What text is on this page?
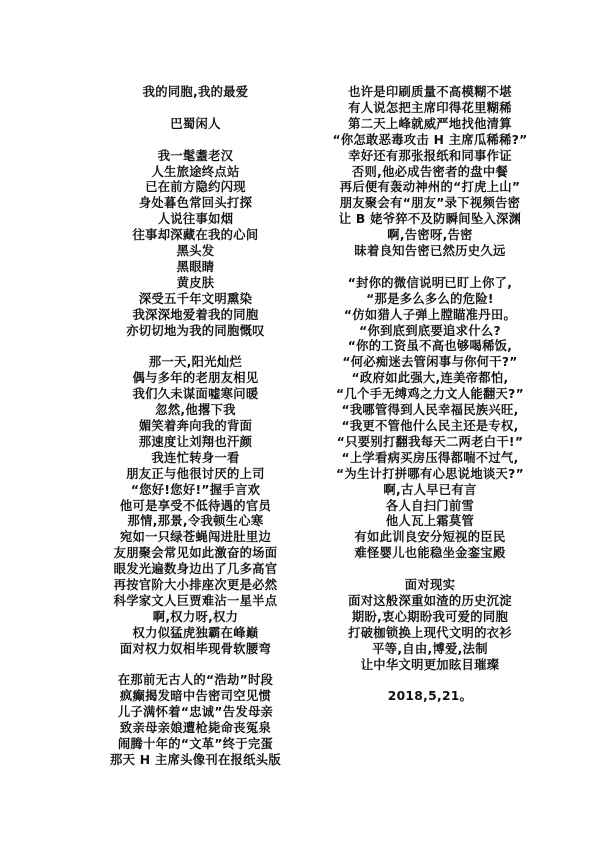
我的同胞,我的最爱

巴蜀闲人

我一髦耋老汉

人生旅途终点站

已在前方隐约闪现

身处暮色常回头打探

人说往事如烟

往事却深藏在我的心间

黑头发

黑眼睛

黄皮肤

深受五千年文明熏染

我深深地爱着我的同胞

亦切切地为我的同胞慨叹

那一天,阳光灿烂

偶与多年的老朋友相见

我们久未谋面嘘寒问暖

忽然,他撂下我

媚笑着奔向我的背面

那速度让刘翔也汗颜

我连忙转身一看

朋友正与他很讨厌的上司

“您好!您好!”握手言欢

他可是享受不低待遇的官员

那情,那景,令我顿生心寒

宛如一只绿苍蝇闯进肚里边

友朋聚会常见如此激奋的场面

眼发光遍数身边出了几多高官

再按官阶大小排座次更是必然

科学家文人巨贾难沾一星半点

啊,权力呀,权力

权力似猛虎独霸在峰巅

面对权力奴相毕现骨软腰弯

在那前无古人的“浩劫”时段

疯癫揭发暗中告密司空见惯

儿子满怀着“忠诚”告发母亲

致亲母亲娘遭枪毙命丧冤泉

闹腾十年的“文革”终于完蛋

那天 H 主席头像刊在报纸头版

也许是印刷质量不高模糊不堪

有人说怎把主席印得花里糊稀

第二天上峰就威严地找他清算

“你怎敢恶毒攻击 H 主席瓜稀稀?”

幸好还有那张报纸和同事作证

否则,他必成告密者的盘中餐

再后便有轰动神州的“打虎上山”

朋友聚会有“朋友”录下视频告密

让 B 姥爷猝不及防瞬间坠入深渊

啊,告密呀,告密

昧着良知告密已然历史久远

“封你的微信说明已盯上你了,

“那是多么多么的危险!

“仿如猎人子弹上膛瞄准丹田。

“你到底到底要追求什么?

“你的工资虽不高也够喝稀饭,

“何必痴迷去管闲事与你何干?”

“政府如此强大,连美帝都怕,

“几个手无缚鸡之力文人能翻天?”

“我哪管得到人民幸福民族兴旺,

“我更不管他什么民主还是专权,

“只要别打翻我每天二两老白干!”

“上学看病买房压得都喘不过气,

“为生计打拼哪有心思说地谈天?”

啊,古人早已有言

各人自扫门前雪

他人瓦上霜莫管

有如此训良安分短视的臣民

难怪婴儿也能稳坐金銮宝殿

面对现实

面对这般深重如渣的历史沉淀

期盼,衷心期盼我可爱的同胞

打破枷锁换上现代文明的衣衫

平等,自由,博爱,法制

让中华文明更加眩目璀璨

2018,5,21。
